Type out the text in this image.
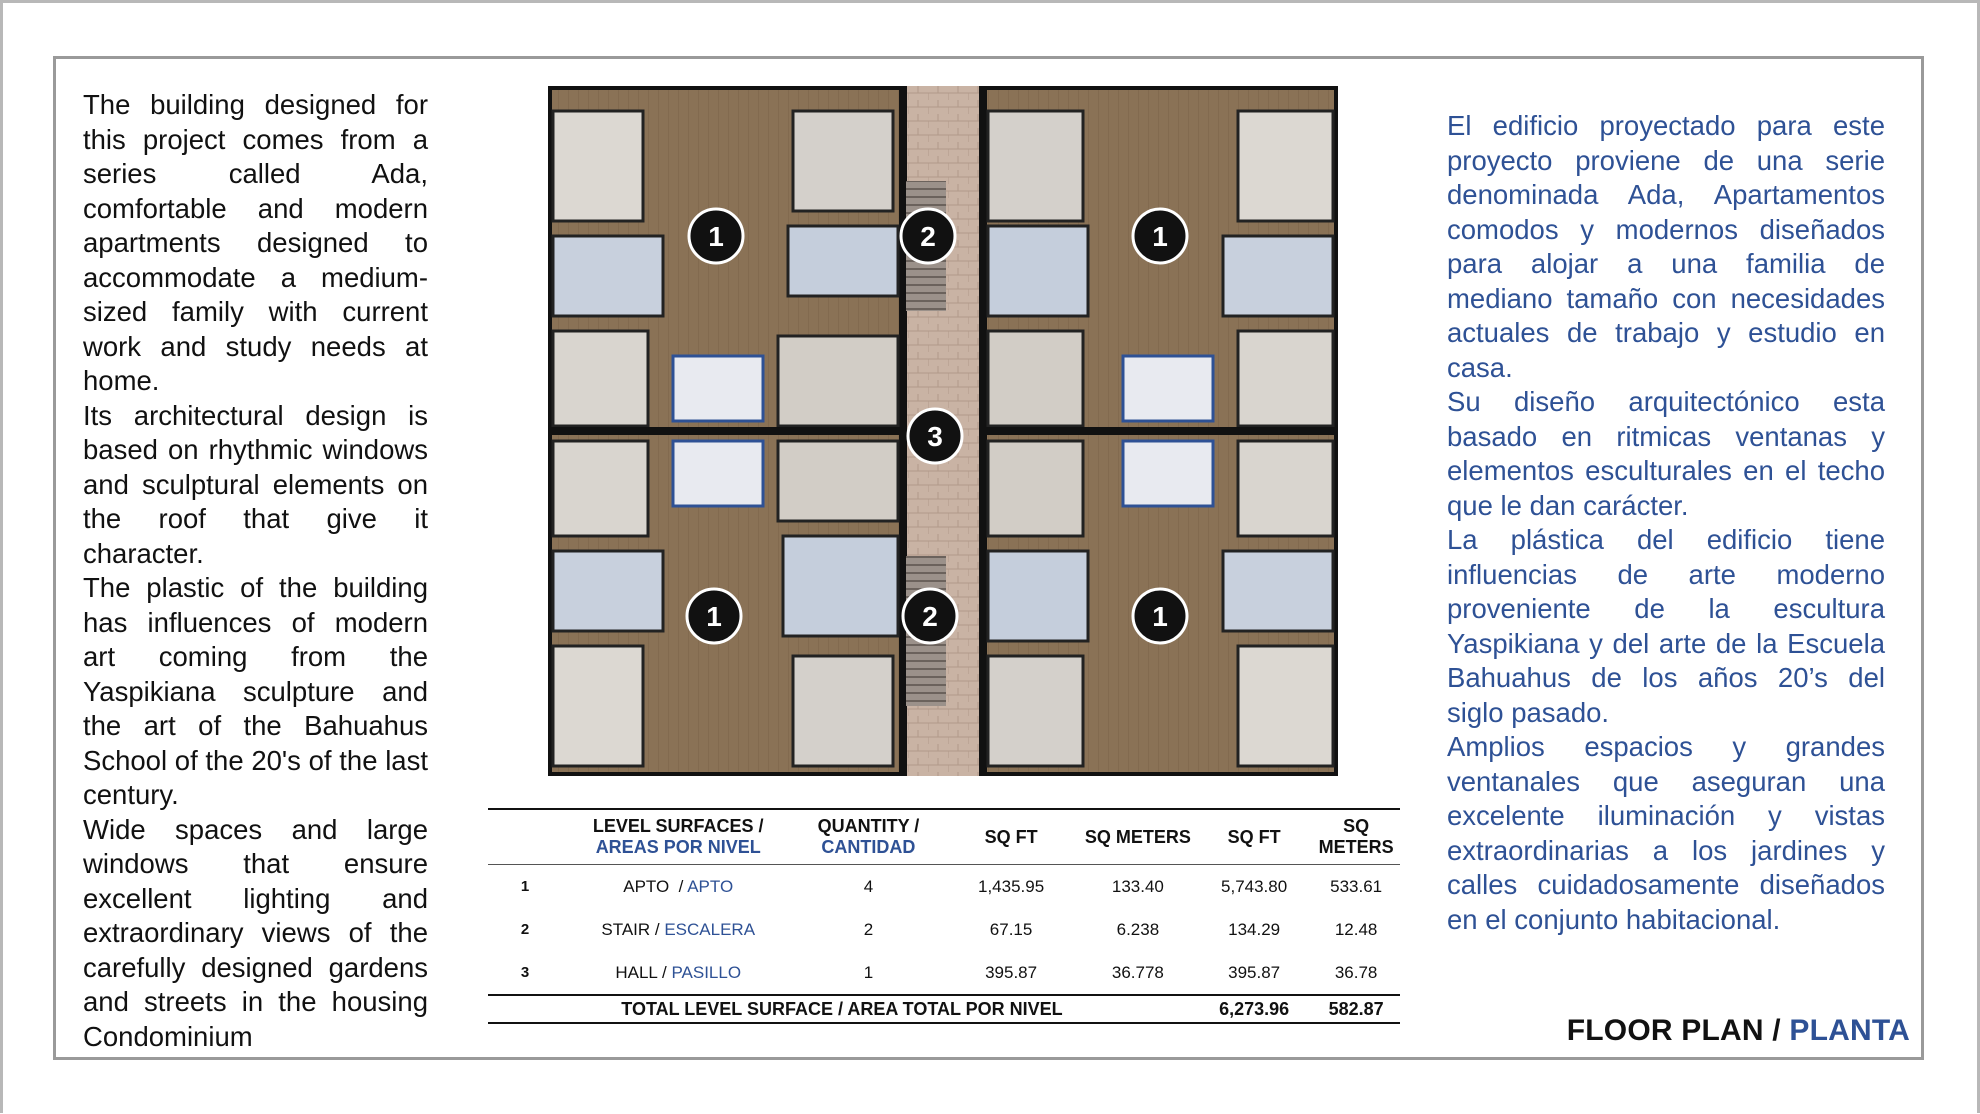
The building designed for this project comes from a series called Ada, comfortable and modern apartments designed to accommodate a medium-sized family with current work and study needs at home.

Its architectural design is based on rhythmic windows and sculptural elements on the roof that give it character.

The plastic of the building has influences of modern art coming from the Yaspikiana sculpture and the art of the Bahuahus School of the 20's of the last century.

Wide spaces and large windows that ensure excellent lighting and extraordinary views of the carefully designed gardens and streets in the housing Condominium

1	2	1
3
1	2	1
	LEVEL SURFACES / AREAS POR NIVEL	QUANTITY /
CANTIDAD	SQ FT	SQ METERS	SQ FT	SQ METERS
1	APTO  / APTO	4	1,435.95	133.40	5,743.80	533.61
2	STAIR / ESCALERA	2	67.15	6.238	134.29	12.48
3	HALL / PASILLO	1	395.87	36.778	395.87	36.78
TOTAL LEVEL SURFACE / AREA TOTAL POR NIVEL					6,273.96	582.87

El edificio proyectado para este proyecto proviene de una serie denominada Ada, Apartamentos comodos y modernos diseñados para alojar a una familia de mediano tamaño con necesidades actuales de trabajo y estudio en casa.

Su diseño arquitectónico esta basado en ritmicas ventanas y elementos esculturales en el techo que le dan carácter.

La plástica del edificio tiene influencias de arte moderno proveniente de la escultura Yaspikiana y del arte de la Escuela Bahuahus de los años 20’s del siglo pasado.

Amplios espacios y grandes ventanales que aseguran una excelente iluminación y vistas extraordinarias a los jardines y calles cuidadosamente diseñados en el conjunto habitacional.

FLOOR PLAN / PLANTA
